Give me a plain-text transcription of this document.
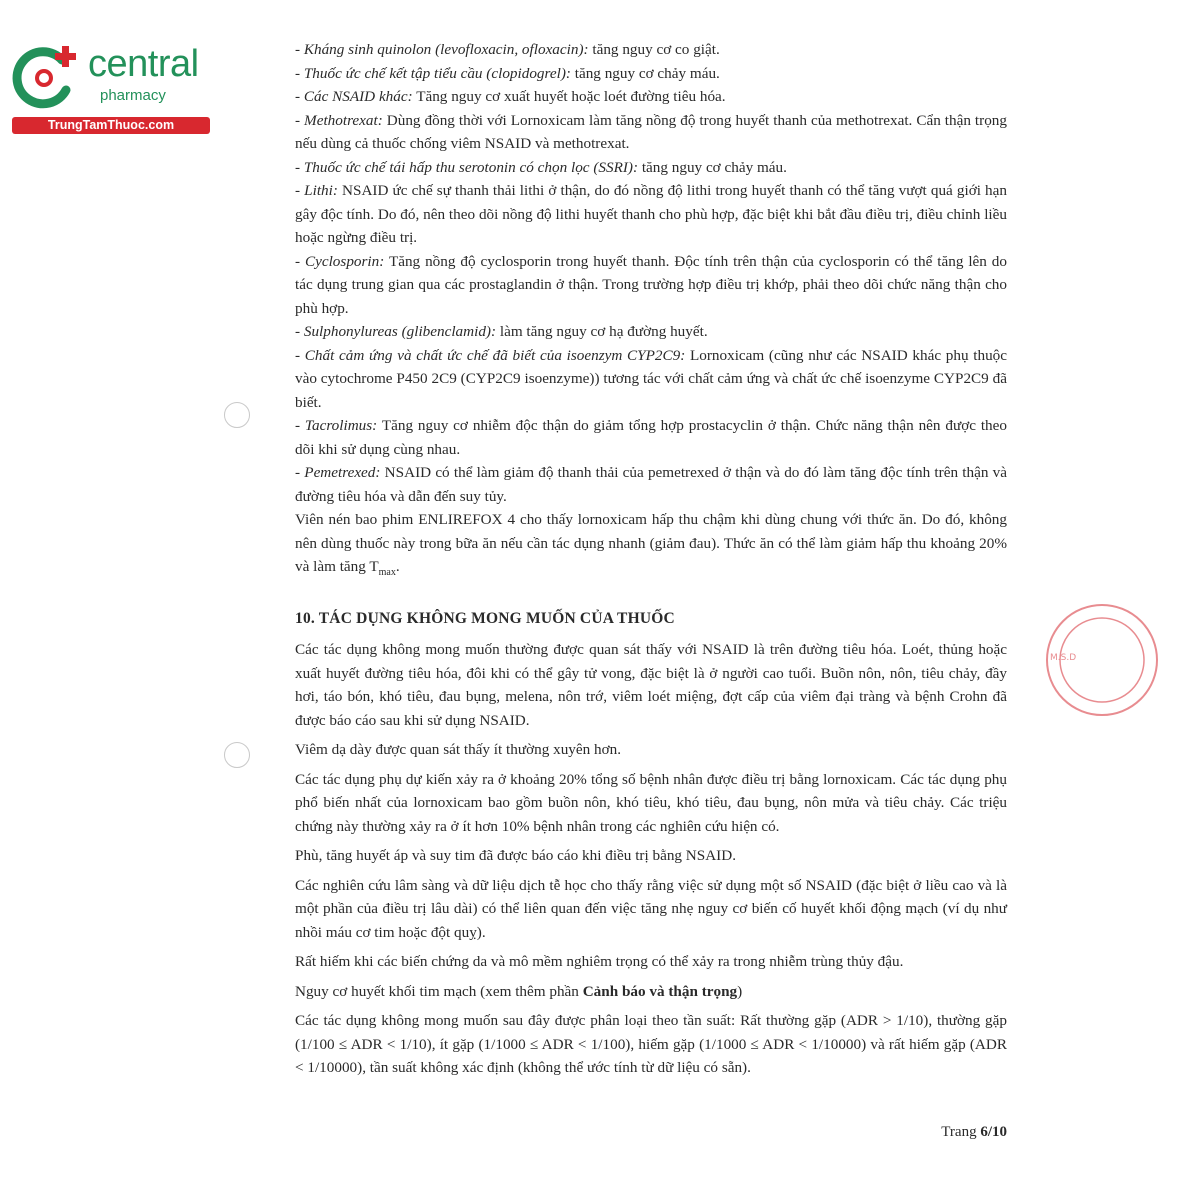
central
pharmacy
TrungTamThuoc.com
M.S.D

- Kháng sinh quinolon (levofloxacin, ofloxacin): tăng nguy cơ co giật.

- Thuốc ức chế kết tập tiểu cầu (clopidogrel): tăng nguy cơ chảy máu.

- Các NSAID khác: Tăng nguy cơ xuất huyết hoặc loét đường tiêu hóa.

- Methotrexat: Dùng đồng thời với Lornoxicam làm tăng nồng độ trong huyết thanh của methotrexat. Cẩn thận trọng nếu dùng cả thuốc chống viêm NSAID và methotrexat.

- Thuốc ức chế tái hấp thu serotonin có chọn lọc (SSRI): tăng nguy cơ chảy máu.

- Lithi: NSAID ức chế sự thanh thải lithi ở thận, do đó nồng độ lithi trong huyết thanh có thể tăng vượt quá giới hạn gây độc tính. Do đó, nên theo dõi nồng độ lithi huyết thanh cho phù hợp, đặc biệt khi bắt đầu điều trị, điều chỉnh liều hoặc ngừng điều trị.

- Cyclosporin: Tăng nồng độ cyclosporin trong huyết thanh. Độc tính trên thận của cyclosporin có thể tăng lên do tác dụng trung gian qua các prostaglandin ở thận. Trong trường hợp điều trị khớp, phải theo dõi chức năng thận cho phù hợp.

- Sulphonylureas (glibenclamid): làm tăng nguy cơ hạ đường huyết.

- Chất cảm ứng và chất ức chế đã biết của isoenzym CYP2C9: Lornoxicam (cũng như các NSAID khác phụ thuộc vào cytochrome P450 2C9 (CYP2C9 isoenzyme)) tương tác với chất cảm ứng và chất ức chế isoenzyme CYP2C9 đã biết.

- Tacrolimus: Tăng nguy cơ nhiễm độc thận do giảm tổng hợp prostacyclin ở thận. Chức năng thận nên được theo dõi khi sử dụng cùng nhau.

- Pemetrexed: NSAID có thể làm giảm độ thanh thải của pemetrexed ở thận và do đó làm tăng độc tính trên thận và đường tiêu hóa và dẫn đến suy tủy.

Viên nén bao phim ENLIREFOX 4 cho thấy lornoxicam hấp thu chậm khi dùng chung với thức ăn. Do đó, không nên dùng thuốc này trong bữa ăn nếu cần tác dụng nhanh (giảm đau). Thức ăn có thể làm giảm hấp thu khoảng 20% và làm tăng $T_{max}$.

10. TÁC DỤNG KHÔNG MONG MUỐN CỦA THUỐC

Các tác dụng không mong muốn thường được quan sát thấy với NSAID là trên đường tiêu hóa. Loét, thủng hoặc xuất huyết đường tiêu hóa, đôi khi có thể gây tử vong, đặc biệt là ở người cao tuổi. Buồn nôn, nôn, tiêu chảy, đầy hơi, táo bón, khó tiêu, đau bụng, melena, nôn trớ, viêm loét miệng, đợt cấp của viêm đại tràng và bệnh Crohn đã được báo cáo sau khi sử dụng NSAID.

Viêm dạ dày được quan sát thấy ít thường xuyên hơn.

Các tác dụng phụ dự kiến xảy ra ở khoảng 20% tổng số bệnh nhân được điều trị bằng lornoxicam. Các tác dụng phụ phổ biến nhất của lornoxicam bao gồm buồn nôn, khó tiêu, khó tiêu, đau bụng, nôn mửa và tiêu chảy. Các triệu chứng này thường xảy ra ở ít hơn 10% bệnh nhân trong các nghiên cứu hiện có.

Phù, tăng huyết áp và suy tim đã được báo cáo khi điều trị bằng NSAID.

Các nghiên cứu lâm sàng và dữ liệu dịch tễ học cho thấy rằng việc sử dụng một số NSAID (đặc biệt ở liều cao và là một phần của điều trị lâu dài) có thể liên quan đến việc tăng nhẹ nguy cơ biến cố huyết khối động mạch (ví dụ như nhồi máu cơ tim hoặc đột quỵ).

Rất hiếm khi các biến chứng da và mô mềm nghiêm trọng có thể xảy ra trong nhiễm trùng thủy đậu.

Nguy cơ huyết khối tim mạch (xem thêm phần Cảnh báo và thận trọng)

Các tác dụng không mong muốn sau đây được phân loại theo tần suất: Rất thường gặp (ADR > 1/10), thường gặp (1/100 ≤ ADR < 1/10), ít gặp (1/1000 ≤ ADR < 1/100), hiếm gặp (1/1000 ≤ ADR < 1/10000) và rất hiếm gặp (ADR < 1/10000), tần suất không xác định (không thể ước tính từ dữ liệu có sẵn).

Trang 6/10
